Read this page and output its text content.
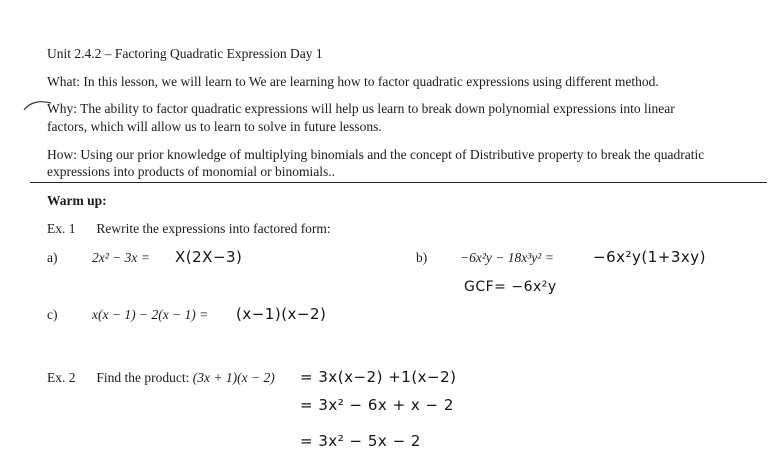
Unit 2.4.2 – Factoring Quadratic Expression Day 1
What: In this lesson, we will learn to We are learning how to factor quadratic expressions using different method.
Why: The ability to factor quadratic expressions will help us learn to break down polynomial expressions into linear
factors, which will allow us to learn to solve in future lessons.
How: Using our prior knowledge of multiplying binomials and the concept of Distributive property to break the quadratic
expressions into products of monomial or binomials..
Warm up:
Ex. 1 Rewrite the expressions into factored form:
a)	2x² − 3x = X(2X−3)	b) −6x²y − 18x³y² =	−6x²y(1+3xy)
GCF= −6x²y
c)	x(x − 1) − 2(x − 1) = (x−1)(x−2)
Ex. 2 Find the product: (3x + 1)(x − 2) = 3x(x−2) +1(x−2)
= 3x² − 6x + x − 2
= 3x² − 5x − 2
